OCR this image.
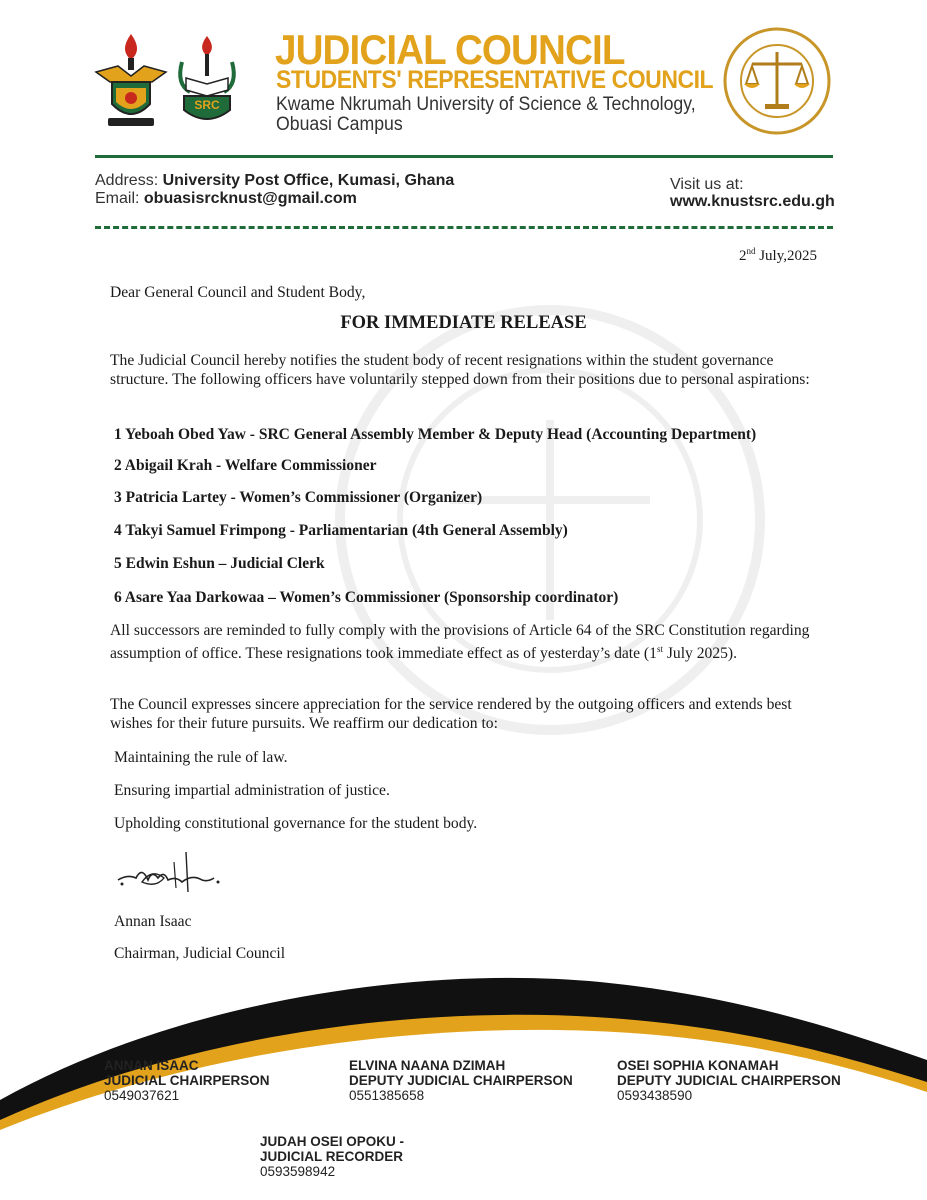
SRC
JUDICIAL COUNCIL
STUDENTS' REPRESENTATIVE COUNCIL
Kwame Nkrumah University of Science & Technology,
Obuasi Campus
Address: University Post Office, Kumasi, Ghana
Email: obuasisrcknust@gmail.com
Visit us at:
www.knustsrc.edu.gh
2nd July,2025
Dear General Council and Student Body,
FOR IMMEDIATE RELEASE
The Judicial Council hereby notifies the student body of recent resignations within the student governance structure. The following officers have voluntarily stepped down from their positions due to personal aspirations:
1 Yeboah Obed Yaw - SRC General Assembly Member & Deputy Head (Accounting Department)
2 Abigail Krah - Welfare Commissioner
3 Patricia Lartey - Women’s Commissioner (Organizer)
4 Takyi Samuel Frimpong - Parliamentarian (4th General Assembly)
5 Edwin Eshun – Judicial Clerk
6 Asare Yaa Darkowaa – Women’s Commissioner (Sponsorship coordinator)
All successors are reminded to fully comply with the provisions of Article 64 of the SRC Constitution regarding assumption of office. These resignations took immediate effect as of yesterday’s date (1st July 2025).
The Council expresses sincere appreciation for the service rendered by the outgoing officers and extends best wishes for their future pursuits. We reaffirm our dedication to:
Maintaining the rule of law.
Ensuring impartial administration of justice.
Upholding constitutional governance for the student body.
Annan Isaac
Chairman, Judicial Council
ANNAN ISAAC
JUDICIAL CHAIRPERSON
0549037621
ELVINA NAANA DZIMAH
DEPUTY JUDICIAL CHAIRPERSON
0551385658
OSEI SOPHIA KONAMAH
DEPUTY JUDICIAL CHAIRPERSON
0593438590
JUDAH OSEI OPOKU -
JUDICIAL RECORDER
0593598942
